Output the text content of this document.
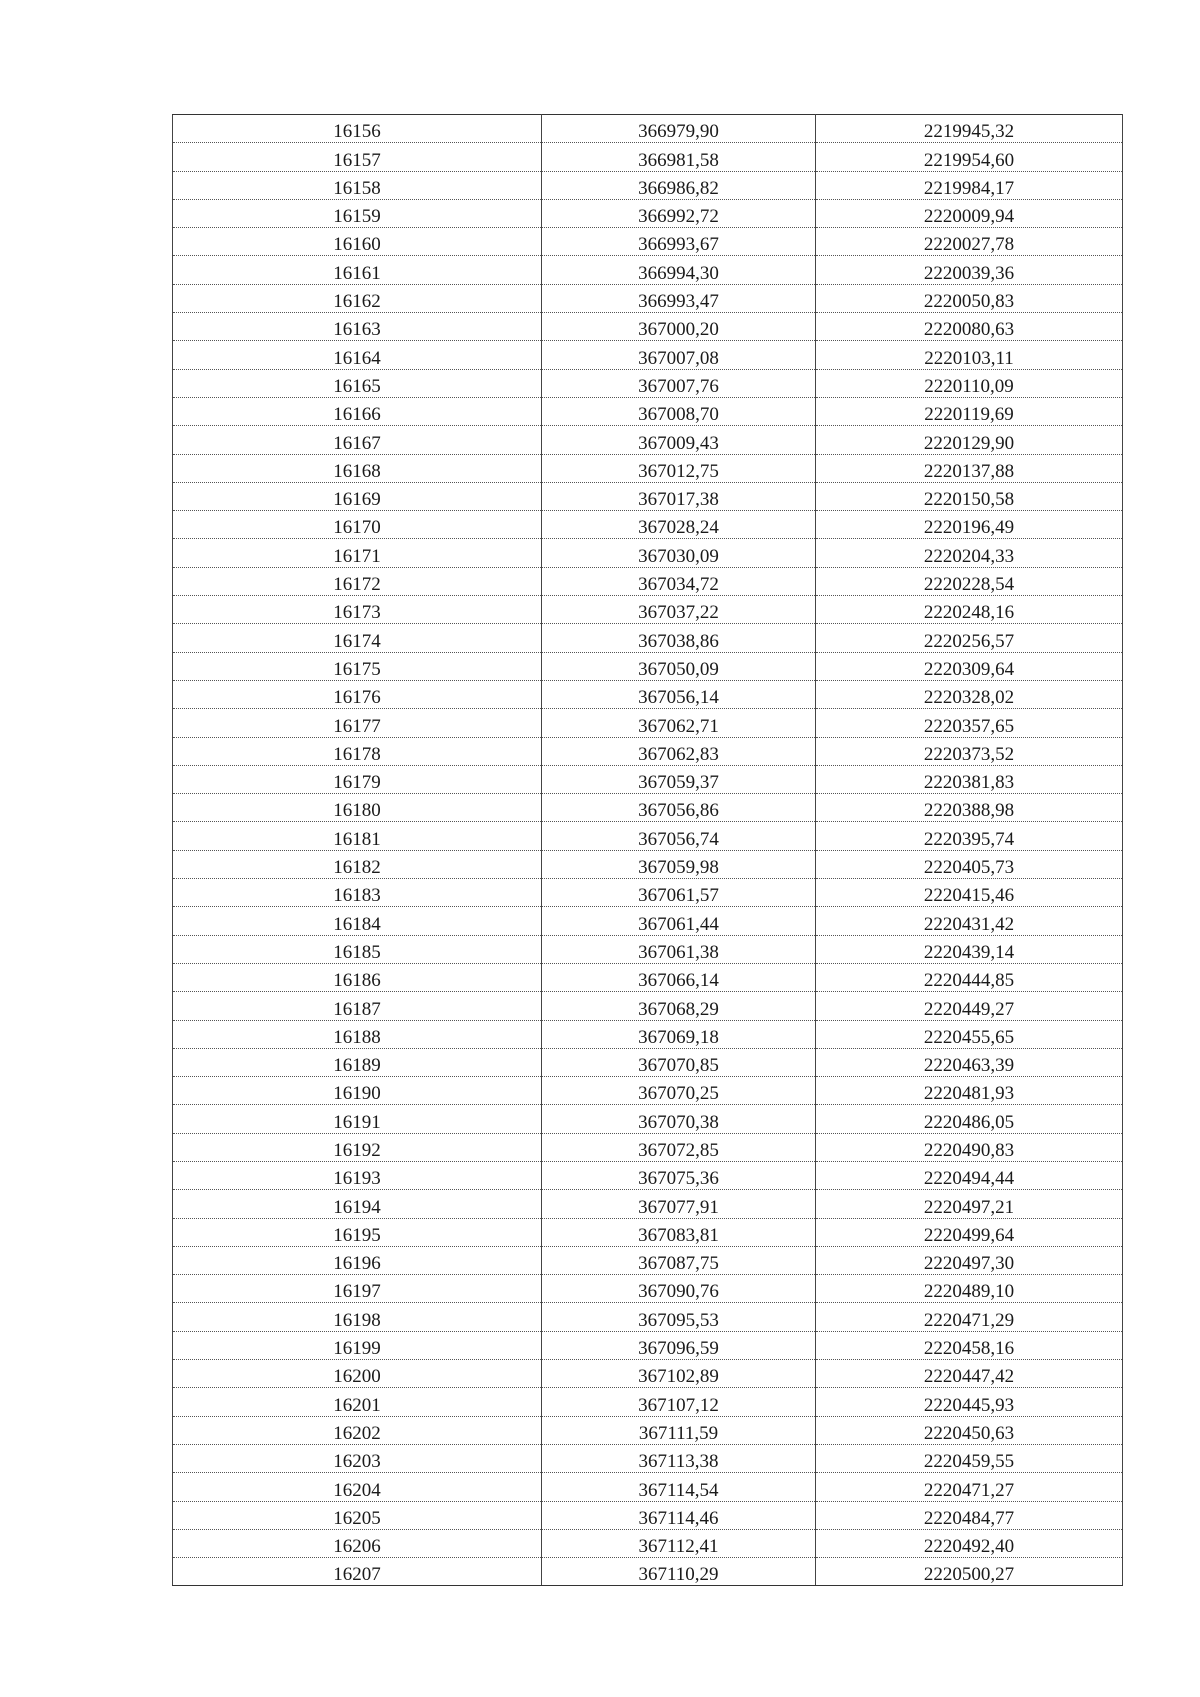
16156	366979,90	2219945,32
16157	366981,58	2219954,60
16158	366986,82	2219984,17
16159	366992,72	2220009,94
16160	366993,67	2220027,78
16161	366994,30	2220039,36
16162	366993,47	2220050,83
16163	367000,20	2220080,63
16164	367007,08	2220103,11
16165	367007,76	2220110,09
16166	367008,70	2220119,69
16167	367009,43	2220129,90
16168	367012,75	2220137,88
16169	367017,38	2220150,58
16170	367028,24	2220196,49
16171	367030,09	2220204,33
16172	367034,72	2220228,54
16173	367037,22	2220248,16
16174	367038,86	2220256,57
16175	367050,09	2220309,64
16176	367056,14	2220328,02
16177	367062,71	2220357,65
16178	367062,83	2220373,52
16179	367059,37	2220381,83
16180	367056,86	2220388,98
16181	367056,74	2220395,74
16182	367059,98	2220405,73
16183	367061,57	2220415,46
16184	367061,44	2220431,42
16185	367061,38	2220439,14
16186	367066,14	2220444,85
16187	367068,29	2220449,27
16188	367069,18	2220455,65
16189	367070,85	2220463,39
16190	367070,25	2220481,93
16191	367070,38	2220486,05
16192	367072,85	2220490,83
16193	367075,36	2220494,44
16194	367077,91	2220497,21
16195	367083,81	2220499,64
16196	367087,75	2220497,30
16197	367090,76	2220489,10
16198	367095,53	2220471,29
16199	367096,59	2220458,16
16200	367102,89	2220447,42
16201	367107,12	2220445,93
16202	367111,59	2220450,63
16203	367113,38	2220459,55
16204	367114,54	2220471,27
16205	367114,46	2220484,77
16206	367112,41	2220492,40
16207	367110,29	2220500,27
